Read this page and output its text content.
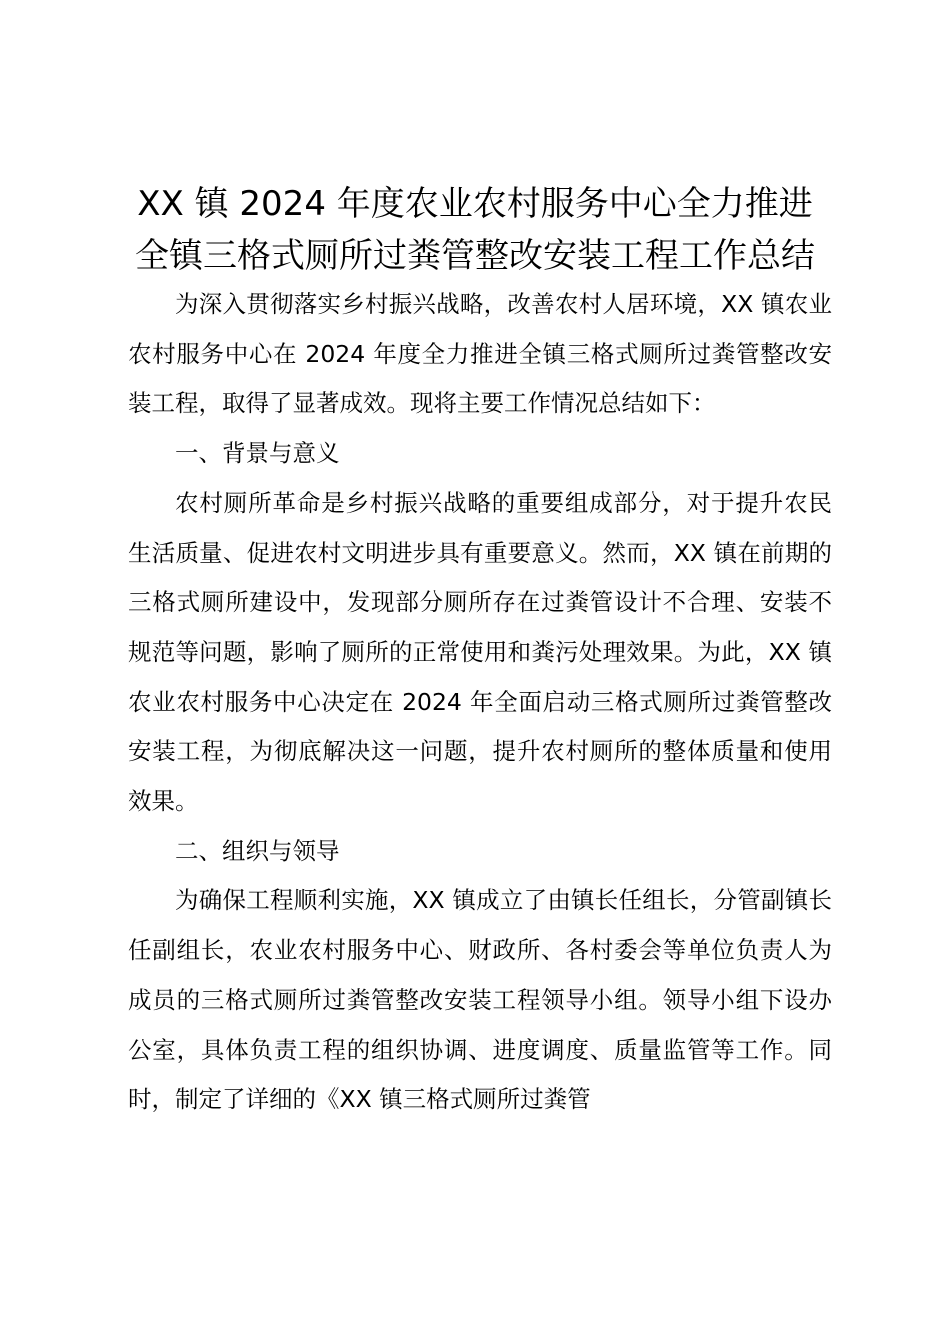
XX 镇 2024 年度农业农村服务中心全力推进
全镇三格式厕所过粪管整改安装工程工作总结

为深入贯彻落实乡村振兴战略，改善农村人居环境，XX 镇农业农村服务中心在 2024 年度全力推进全镇三格式厕所过粪管整改安装工程，取得了显著成效。现将主要工作情况总结如下：

一、背景与意义

农村厕所革命是乡村振兴战略的重要组成部分，对于提升农民生活质量、促进农村文明进步具有重要意义。然而，XX 镇在前期的三格式厕所建设中，发现部分厕所存在过粪管设计不合理、安装不规范等问题，影响了厕所的正常使用和粪污处理效果。为此，XX 镇农业农村服务中心决定在 2024 年全面启动三格式厕所过粪管整改安装工程，为彻底解决这一问题，提升农村厕所的整体质量和使用效果。

二、组织与领导

为确保工程顺利实施，XX 镇成立了由镇长任组长，分管副镇长任副组长，农业农村服务中心、财政所、各村委会等单位负责人为成员的三格式厕所过粪管整改安装工程领导小组。领导小组下设办公室，具体负责工程的组织协调、进度调度、质量监管等工作。同时，制定了详细的《XX 镇三格式厕所过粪管
